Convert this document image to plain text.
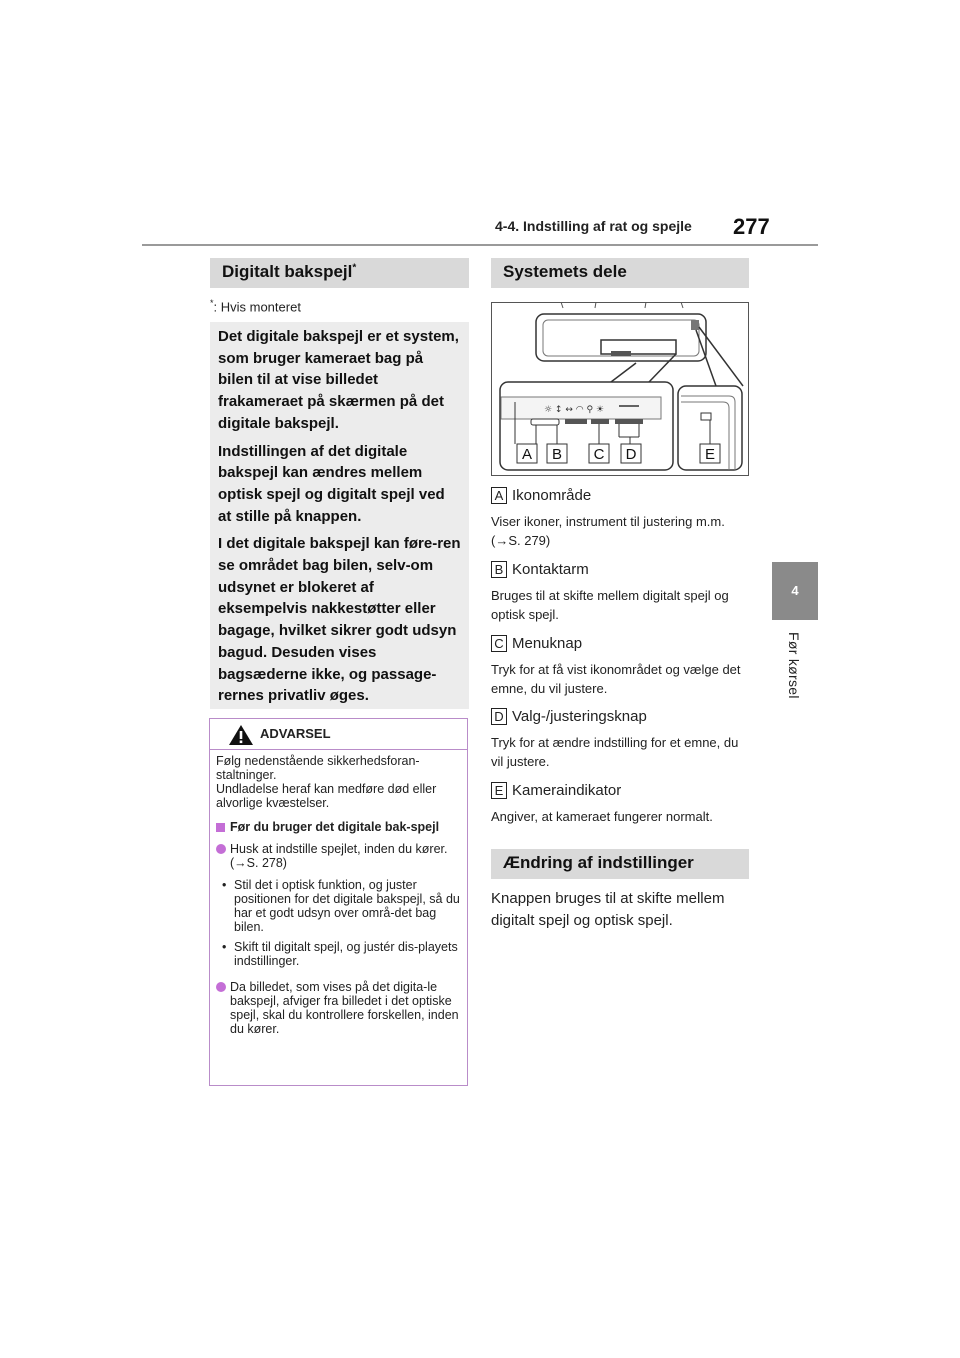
4-4. Indstilling af rat og spejle 277
4
Før kørsel
Digitalt bakspejl*
*: Hvis monteret

Det digitale bakspejl er et system, som bruger kameraet bag på bilen til at vise billedet frakameraet på skærmen på det digitale bakspejl.

Indstillingen af det digitale bakspejl kan ændres mellem optisk spejl og digitalt spejl ved at stille på knappen.

I det digitale bakspejl kan føre-ren se området bag bilen, selv-om udsynet er blokeret af eksempelvis nakkestøtter eller bagage, hvilket sikrer godt udsyn bagud. Desuden vises bagsæderne ikke, og passage-rernes privatliv øges.

ADVARSEL
Følg nedenstående sikkerhedsforan-staltninger.
Undladelse heraf kan medføre død eller alvorlige kvæstelser.
Før du bruger det digitale bak-spejl
Husk at indstille spejlet, inden du kører. (→S. 278)
• Stil det i optisk funktion, og juster positionen for det digitale bakspejl, så du har et godt udsyn over områ-det bag bilen.
• Skift til digitalt spejl, og justér dis-playets indstillinger.
Da billedet, som vises på det digita-le bakspejl, afviger fra billedet i det optiske spejl, skal du kontrollere forskellen, inden du kører.
Systemets dele
☼ ↕ ↔ ◠ ⚲ ☀
A B C D	E
A Ikonområde
Viser ikoner, instrument til justering m.m. (→S. 279)
B Kontaktarm
Bruges til at skifte mellem digitalt spejl og optisk spejl.
C Menuknap
Tryk for at få vist ikonområdet og vælge det emne, du vil justere.
D Valg-/justeringsknap
Tryk for at ændre indstilling for et emne, du vil justere.
E Kameraindikator
Angiver, at kameraet fungerer normalt.
Ændring af indstillinger
Knappen bruges til at skifte mellem digitalt spejl og optisk spejl.
